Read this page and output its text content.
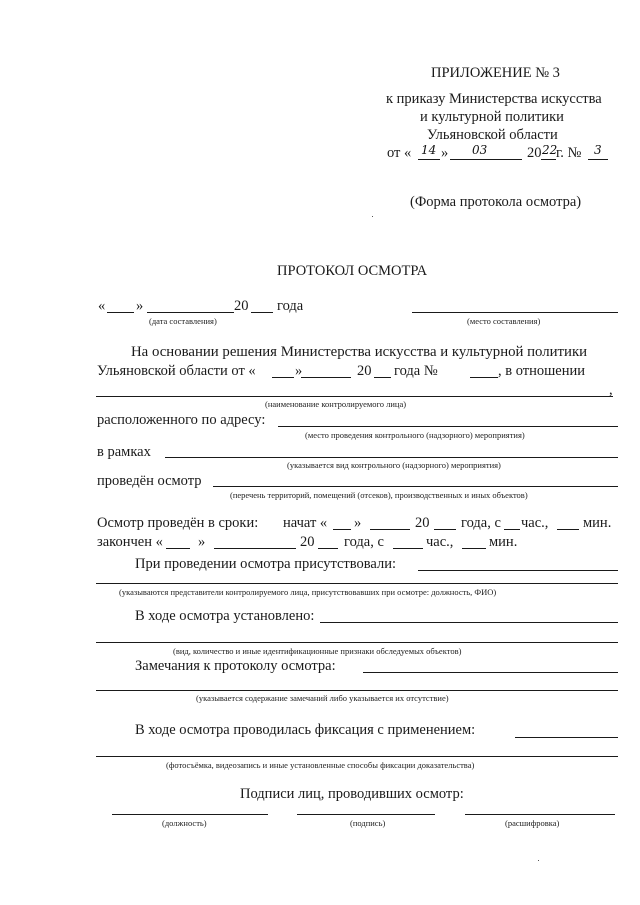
ПРИЛОЖЕНИЕ № 3
к приказу Министерства искусства
и культурной политики
Ульяновской области
от « 14 » 03	20 22
г. № 3
(Форма протокола осмотра)
ПРОТОКОЛ ОСМОТРА
« »	20 года
(дата составления)	(место составления)
На основании решения Министерства искусства и культурной политики
Ульяновской области от «	»	20 года №	, в отношении
,
(наименование контролируемого лица)
расположенного по адресу:
(место проведения контрольного (надзорного) мероприятия)
в рамках
(указывается вид контрольного (надзорного) мероприятия)
проведён осмотр
(перечень территорий, помещений (отсеков), производственных и иных объектов)
Осмотр проведён в сроки: начат « »	20 года, с час., мин.
закончен « »	20 года, с	час., мин.
При проведении осмотра присутствовали:
(указываются представители контролируемого лица, присутствовавших при осмотре: должность, ФИО)
В ходе осмотра установлено:
(вид, количество и иные идентификационные признаки обследуемых объектов)
Замечания к протоколу осмотра:
(указывается содержание замечаний либо указывается их отсутствие)
В ходе осмотра проводилась фиксация с применением:
(фотосъёмка, видеозапись и иные установленные способы фиксации доказательства)
Подписи лиц, проводивших осмотр:
(должность)	(подпись)	(расшифровка)
